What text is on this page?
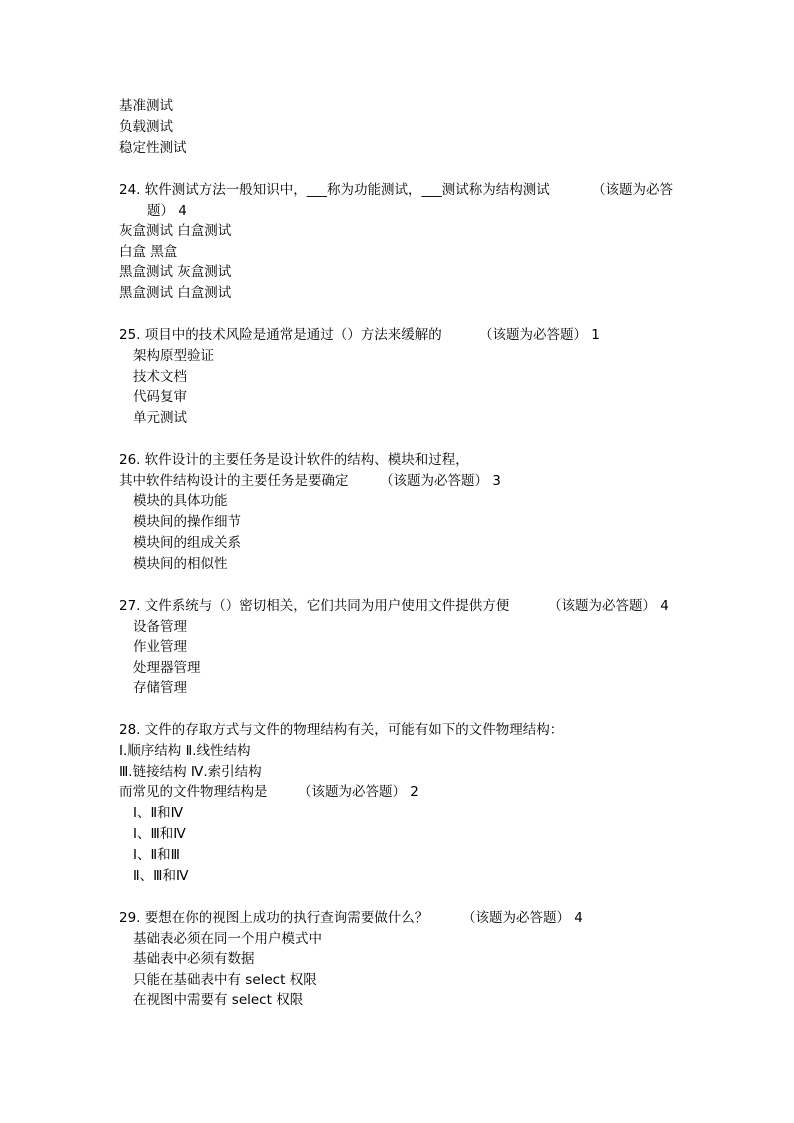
基准测试
负载测试
稳定性测试
24. 软件测试方法一般知识中，___称为功能测试，___测试称为结构测试	（该题为必答
题） 4
灰盒测试 白盒测试
白盒 黑盒
黑盒测试 灰盒测试
黑盒测试 白盒测试
25. 项目中的技术风险是通常是通过（）方法来缓解的	（该题为必答题） 1
架构原型验证
技术文档
代码复审
单元测试
26. 软件设计的主要任务是设计软件的结构、模块和过程，
其中软件结构设计的主要任务是要确定 （该题为必答题） 3
模块的具体功能
模块间的操作细节
模块间的组成关系
模块间的相似性
27. 文件系统与（）密切相关，它们共同为用户使用文件提供方便	（该题为必答题） 4
设备管理
作业管理
处理器管理
存储管理
28. 文件的存取方式与文件的物理结构有关，可能有如下的文件物理结构：
Ⅰ.顺序结构 Ⅱ.线性结构
Ⅲ.链接结构 Ⅳ.索引结构
而常见的文件物理结构是 （该题为必答题） 2
Ⅰ、Ⅱ和Ⅳ
Ⅰ、Ⅲ和Ⅳ
Ⅰ、Ⅱ和Ⅲ
Ⅱ、Ⅲ和Ⅳ
29. 要想在你的视图上成功的执行查询需要做什么？ （该题为必答题） 4
基础表必须在同一个用户模式中
基础表中必须有数据
只能在基础表中有 select 权限
在视图中需要有 select 权限
